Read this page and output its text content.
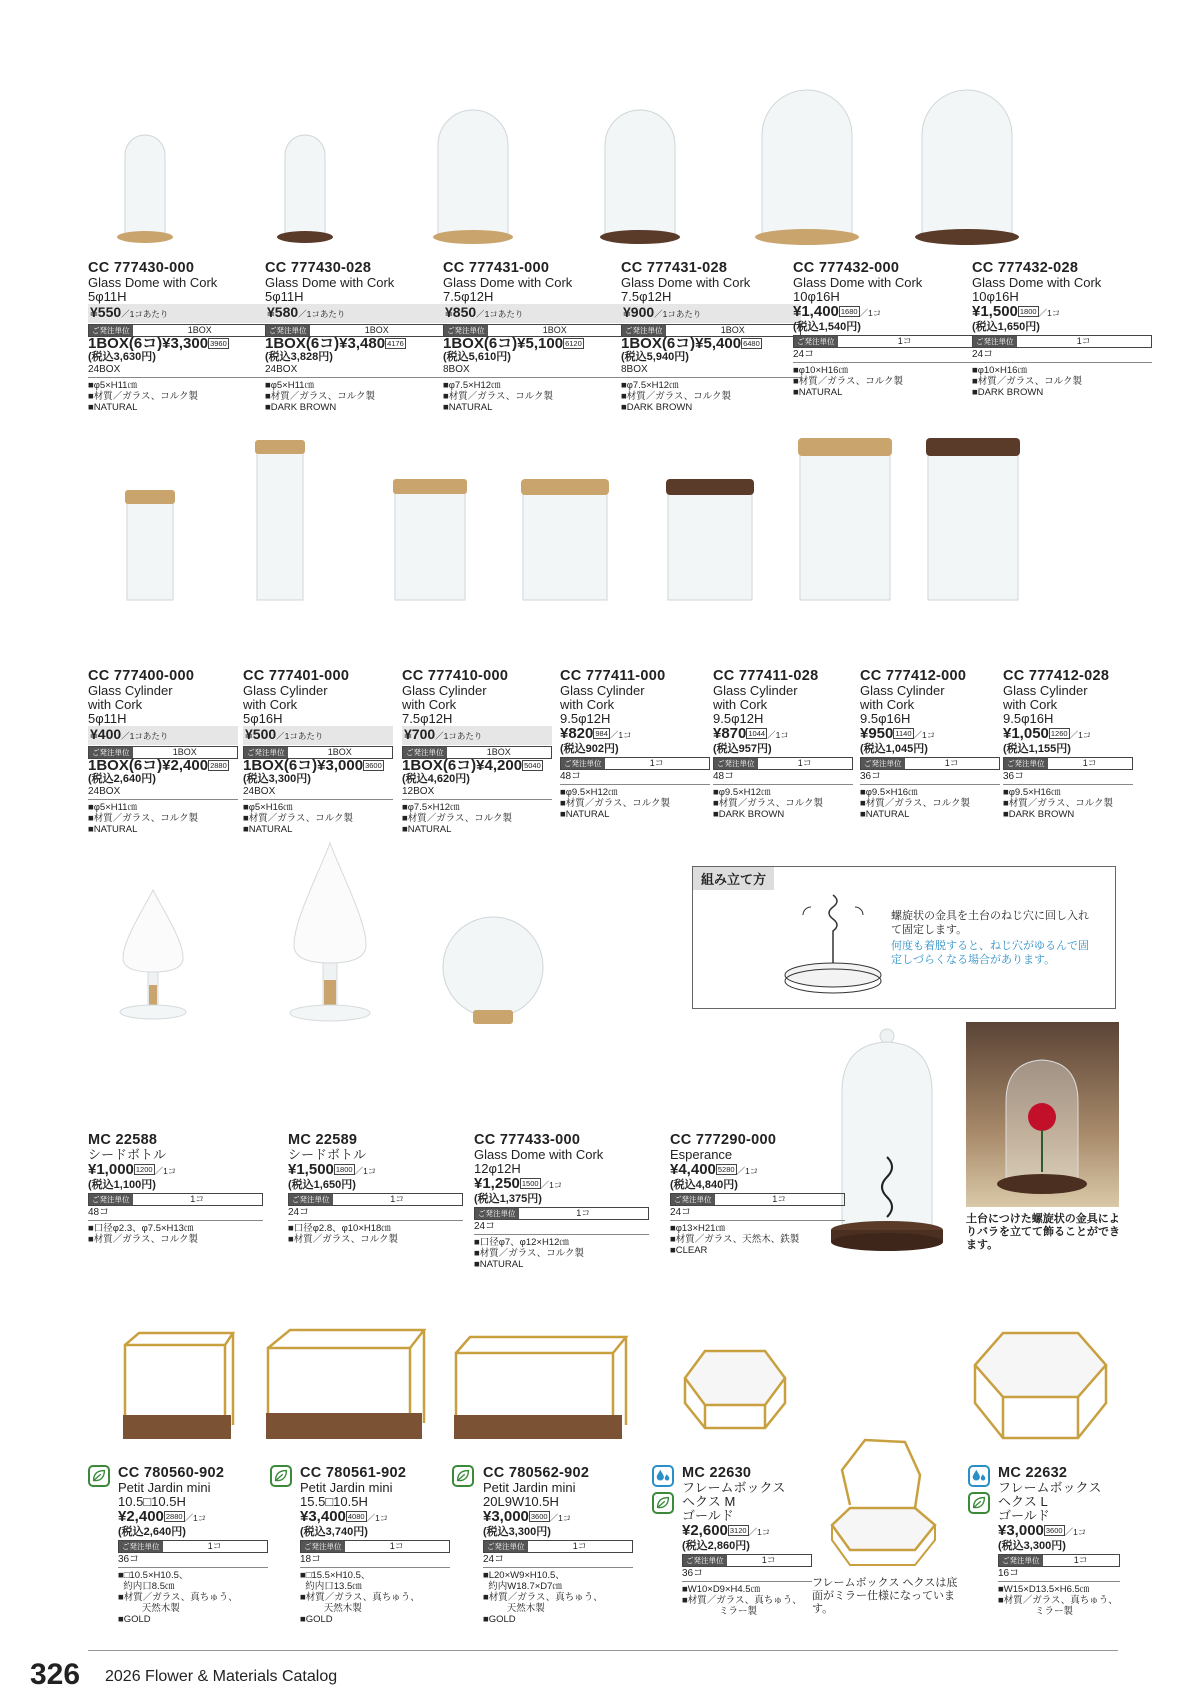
組み立て方
螺旋状の金具を土台のねじ穴に回し入れて固定します。
何度も着脱すると、ねじ穴がゆるんで固定しづらくなる場合があります。
土台につけた螺旋状の金具によりバラを立てて飾ることができます。
フレームボックス ヘクスは底面がミラー仕様になっています。
CC 777430-000
Glass Dome with Cork
5φ11H
¥550／1コあたり
ご発注単位	1BOX
1BOX(6コ)¥3,300 3960
(税込3,630円)
24BOX
■φ5×H11㎝
■材質／ガラス、コルク製
■NATURAL
CC 777430-028
Glass Dome with Cork
5φ11H
¥580／1コあたり
ご発注単位	1BOX
1BOX(6コ)¥3,480 4176
(税込3,828円)
24BOX
■φ5×H11㎝
■材質／ガラス、コルク製
■DARK BROWN
CC 777431-000
Glass Dome with Cork
7.5φ12H
¥850／1コあたり
ご発注単位	1BOX
1BOX(6コ)¥5,100 6120
(税込5,610円)
8BOX
■φ7.5×H12㎝
■材質／ガラス、コルク製
■NATURAL
CC 777431-028
Glass Dome with Cork
7.5φ12H
¥900／1コあたり
ご発注単位	1BOX
1BOX(6コ)¥5,400 6480
(税込5,940円)
8BOX
■φ7.5×H12㎝
■材質／ガラス、コルク製
■DARK BROWN
CC 777432-000
Glass Dome with Cork
10φ16H
¥1,400 1680 ／1コ
(税込1,540円)
ご発注単位	1コ
24コ
■φ10×H16㎝
■材質／ガラス、コルク製
■NATURAL
CC 777432-028
Glass Dome with Cork
10φ16H
¥1,500 1800 ／1コ
(税込1,650円)
ご発注単位	1コ
24コ
■φ10×H16㎝
■材質／ガラス、コルク製
■DARK BROWN
CC 777400-000
Glass Cylinder
with Cork
5φ11H
¥400／1コあたり
ご発注単位	1BOX
1BOX(6コ)¥2,400 2880
(税込2,640円)
24BOX
■φ5×H11㎝
■材質／ガラス、コルク製
■NATURAL
CC 777401-000
Glass Cylinder
with Cork
5φ16H
¥500／1コあたり
ご発注単位	1BOX
1BOX(6コ)¥3,000 3600
(税込3,300円)
24BOX
■φ5×H16㎝
■材質／ガラス、コルク製
■NATURAL
CC 777410-000
Glass Cylinder
with Cork
7.5φ12H
¥700／1コあたり
ご発注単位	1BOX
1BOX(6コ)¥4,200 5040
(税込4,620円)
12BOX
■φ7.5×H12㎝
■材質／ガラス、コルク製
■NATURAL
CC 777411-000
Glass Cylinder
with Cork
9.5φ12H
¥820 984 ／1コ
(税込902円)
ご発注単位	1コ
48コ
■φ9.5×H12㎝
■材質／ガラス、コルク製
■NATURAL
CC 777411-028
Glass Cylinder
with Cork
9.5φ12H
¥870 1044 ／1コ
(税込957円)
ご発注単位	1コ
48コ
■φ9.5×H12㎝
■材質／ガラス、コルク製
■DARK BROWN
CC 777412-000
Glass Cylinder
with Cork
9.5φ16H
¥950 1140 ／1コ
(税込1,045円)
ご発注単位	1コ
36コ
■φ9.5×H16㎝
■材質／ガラス、コルク製
■NATURAL
CC 777412-028
Glass Cylinder
with Cork
9.5φ16H
¥1,050 1260 ／1コ
(税込1,155円)
ご発注単位	1コ
36コ
■φ9.5×H16㎝
■材質／ガラス、コルク製
■DARK BROWN
MC 22588
シードボトル
¥1,000 1200 ／1コ
(税込1,100円)
ご発注単位	1コ
48コ
■口径φ2.3、φ7.5×H13㎝
■材質／ガラス、コルク製
MC 22589
シードボトル
¥1,500 1800 ／1コ
(税込1,650円)
ご発注単位	1コ
24コ
■口径φ2.8、φ10×H18㎝
■材質／ガラス、コルク製
CC 777433-000
Glass Dome with Cork
12φ12H
¥1,250 1500 ／1コ
(税込1,375円)
ご発注単位	1コ
24コ
■口径φ7、φ12×H12㎝
■材質／ガラス、コルク製
■NATURAL
CC 777290-000
Esperance
¥4,400 5280 ／1コ
(税込4,840円)
ご発注単位	1コ
24コ
■φ13×H21㎝
■材質／ガラス、天然木、鉄製
■CLEAR
CC 780560-902
Petit Jardin mini
10.5□10.5H
¥2,400 2880 ／1コ
(税込2,640円)
ご発注単位	1コ
36コ
■□10.5×H10.5、
約内口8.5㎝
■材質／ガラス、真ちゅう、
天然木製
■GOLD
CC 780561-902
Petit Jardin mini
15.5□10.5H
¥3,400 4080 ／1コ
(税込3,740円)
ご発注単位	1コ
18コ
■□15.5×H10.5、
約内口13.5㎝
■材質／ガラス、真ちゅう、
天然木製
■GOLD
CC 780562-902
Petit Jardin mini
20L9W10.5H
¥3,000 3600 ／1コ
(税込3,300円)
ご発注単位	1コ
24コ
■L20×W9×H10.5、
約内W18.7×D7㎝
■材質／ガラス、真ちゅう、
天然木製
■GOLD
MC 22630
フレームボックス
ヘクス M
ゴールド
¥2,600 3120 ／1コ
(税込2,860円)
ご発注単位	1コ
36コ
■W10×D9×H4.5㎝
■材質／ガラス、真ちゅう、
ミラー製
MC 22632
フレームボックス
ヘクス L
ゴールド
¥3,000 3600 ／1コ
(税込3,300円)
ご発注単位	1コ
16コ
■W15×D13.5×H6.5㎝
■材質／ガラス、真ちゅう、
ミラー製
326 2026 Flower & Materials Catalog
